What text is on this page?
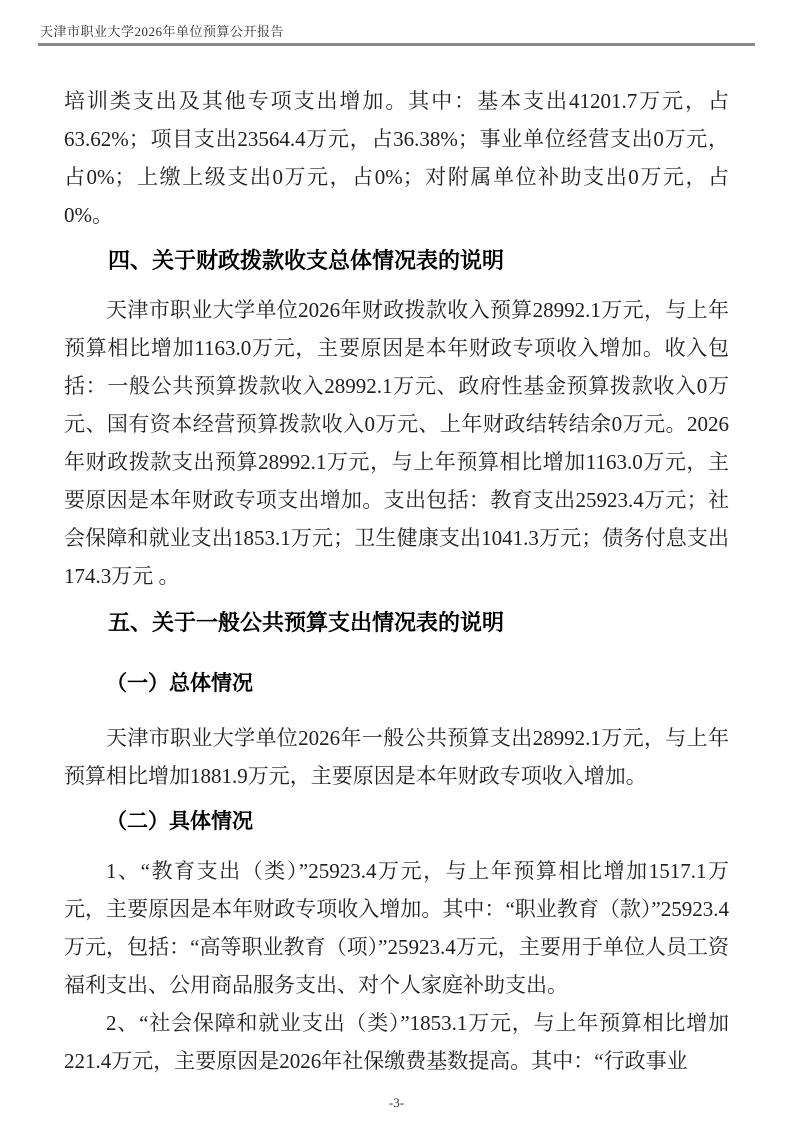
天津市职业大学2026年单位预算公开报告

培训类支出及其他专项支出增加。其中：基本支出41201.7万元，占63.62%；项目支出23564.4万元，占36.38%；事业单位经营支出0万元，占0%；上缴上级支出0万元，占0%；对附属单位补助支出0万元，占0%。

四、关于财政拨款收支总体情况表的说明

天津市职业大学单位2026年财政拨款收入预算28992.1万元，与上年预算相比增加1163.0万元，主要原因是本年财政专项收入增加。收入包括：一般公共预算拨款收入28992.1万元、政府性基金预算拨款收入0万元、国有资本经营预算拨款收入0万元、上年财政结转结余0万元。2026年财政拨款支出预算28992.1万元，与上年预算相比增加1163.0万元，主要原因是本年财政专项支出增加。支出包括：教育支出25923.4万元；社会保障和就业支出1853.1万元；卫生健康支出1041.3万元；债务付息支出174.3万元 。

五、关于一般公共预算支出情况表的说明
（一）总体情况

天津市职业大学单位2026年一般公共预算支出28992.1万元，与上年预算相比增加1881.9万元，主要原因是本年财政专项收入增加。

（二）具体情况

1、“教育支出（类）”25923.4万元，与上年预算相比增加1517.1万元，主要原因是本年财政专项收入增加。其中：“职业教育（款）”25923.4万元，包括：“高等职业教育（项）”25923.4万元，主要用于单位人员工资福利支出、公用商品服务支出、对个人家庭补助支出。

2、“社会保障和就业支出（类）”1853.1万元，与上年预算相比增加221.4万元，主要原因是2026年社保缴费基数提高。其中：“行政事业

-3-
